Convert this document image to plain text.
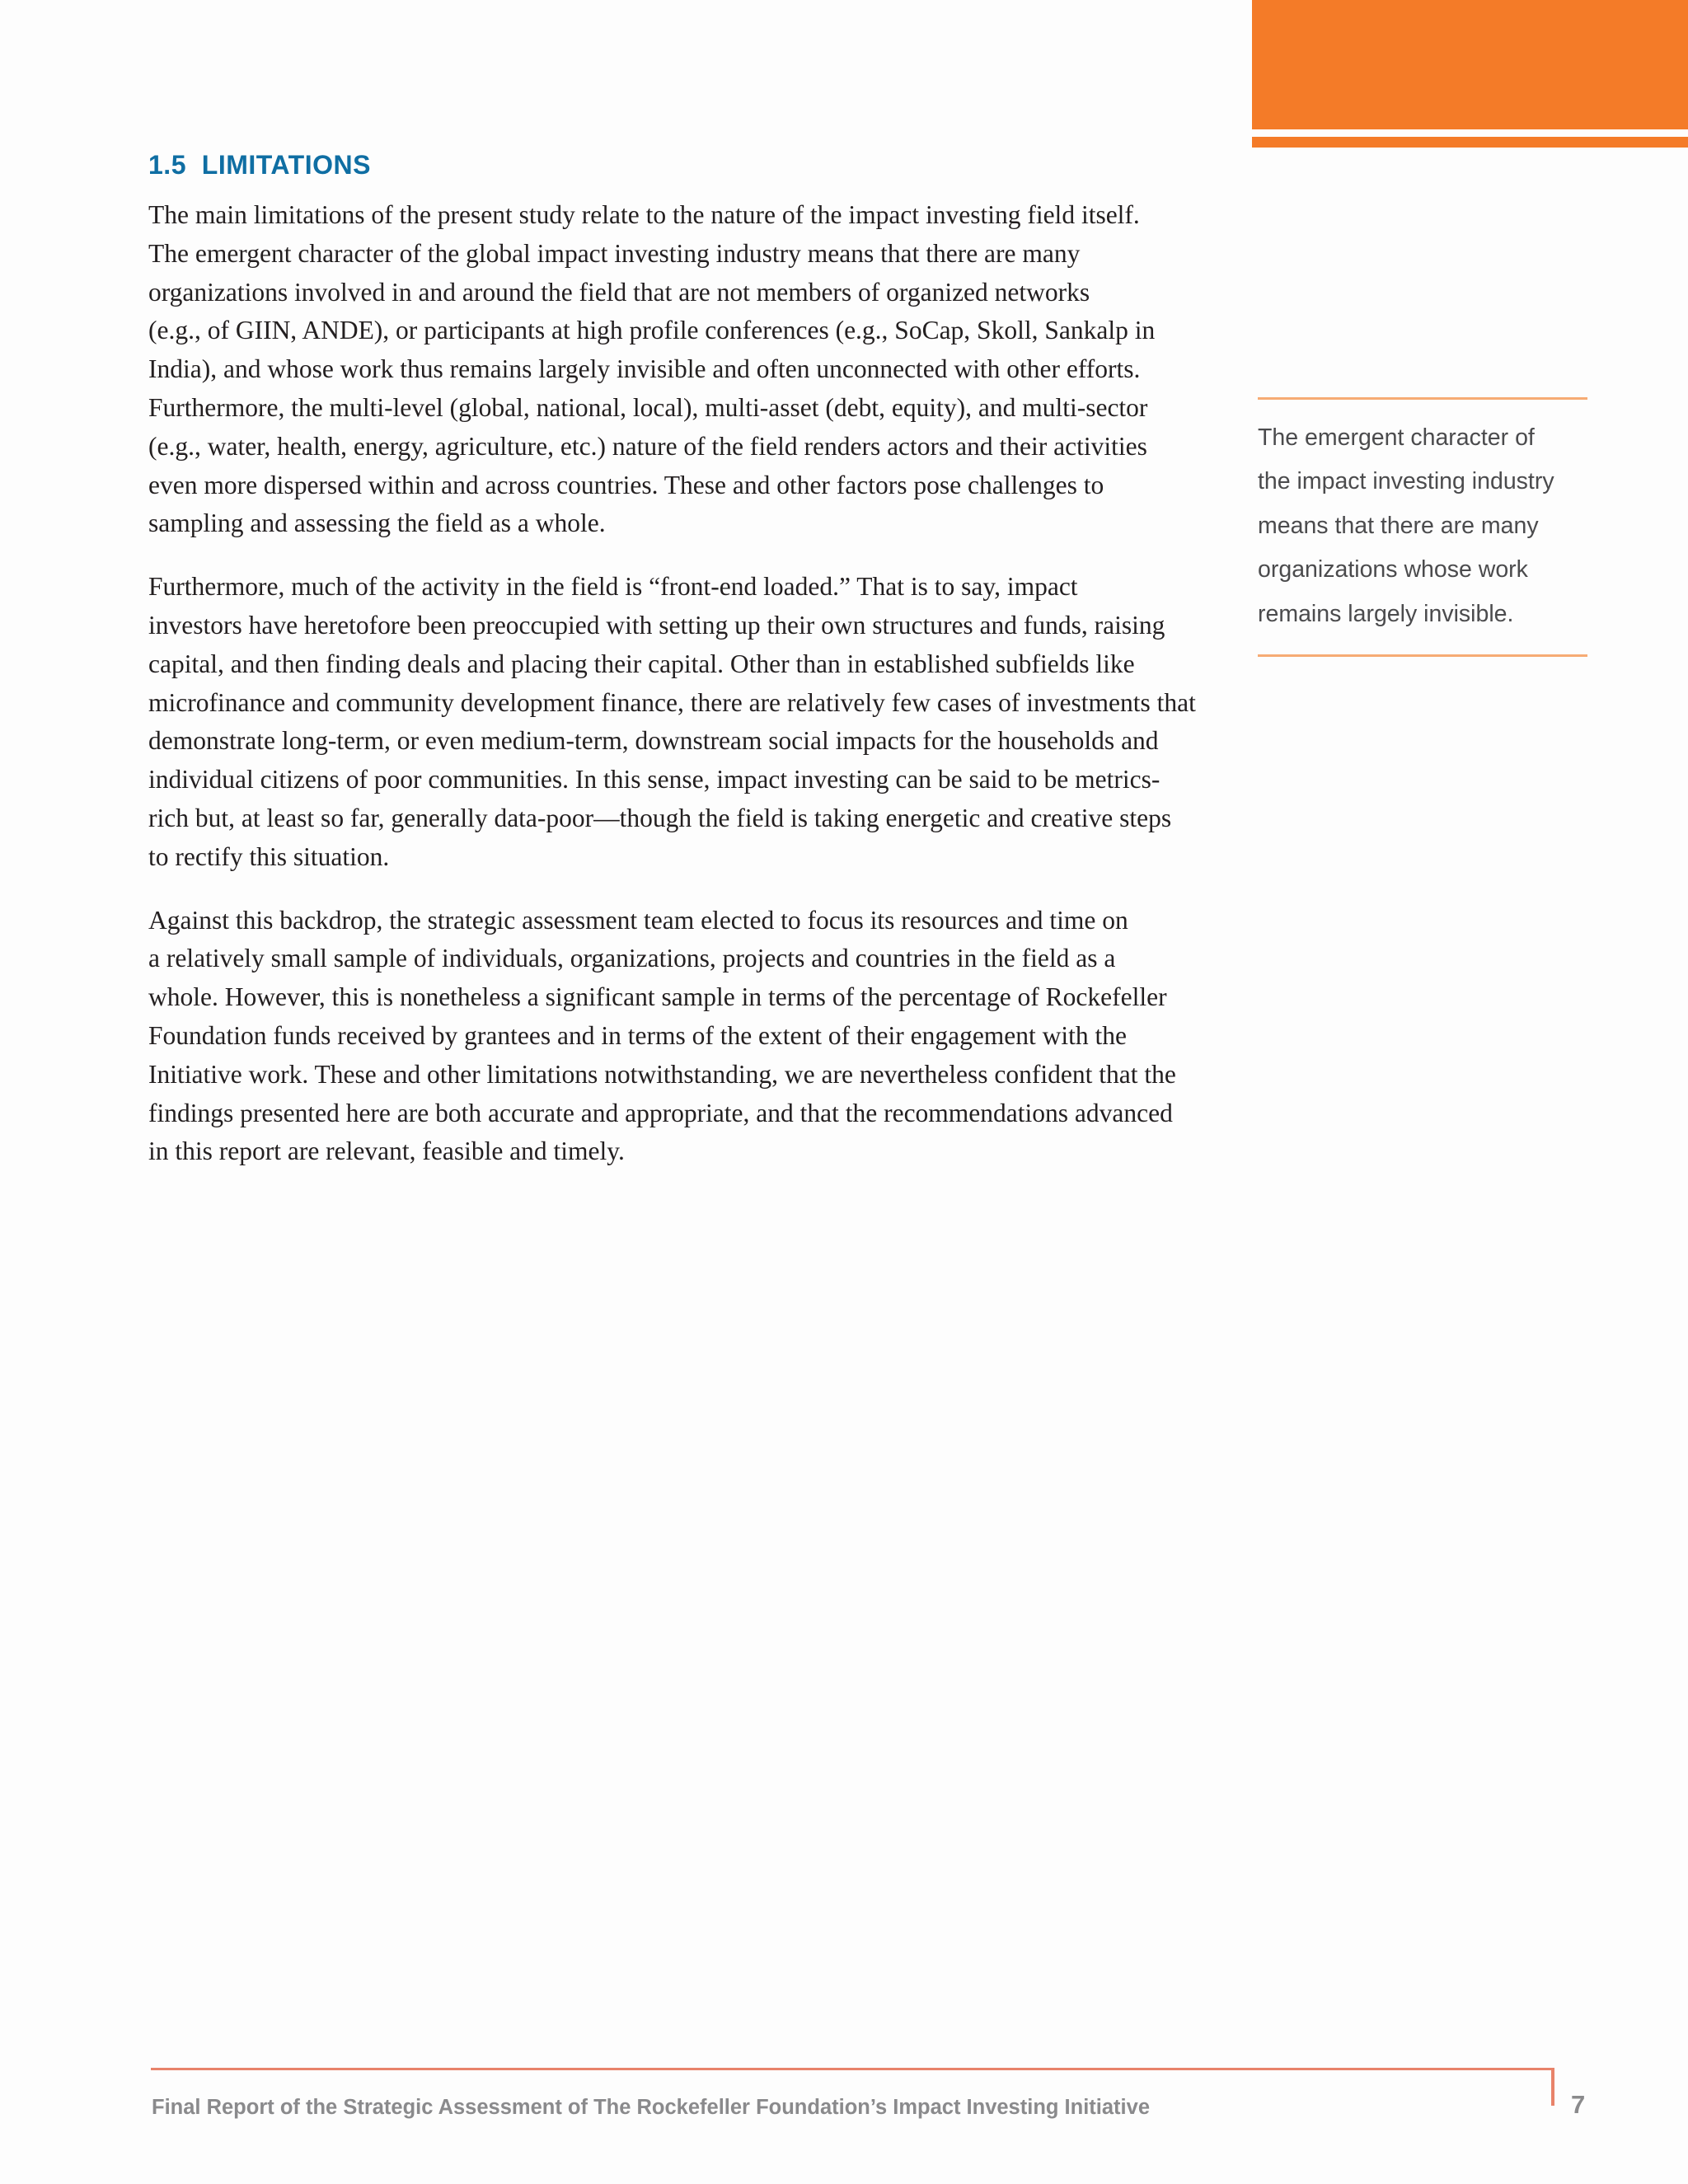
1.5 LIMITATIONS

The main limitations of the present study relate to the nature of the impact investing field itself.
The emergent character of the global impact investing industry means that there are many
organizations involved in and around the field that are not members of organized networks
(e.g., of GIIN, ANDE), or participants at high profile conferences (e.g., SoCap, Skoll, Sankalp in
India), and whose work thus remains largely invisible and often unconnected with other efforts.
Furthermore, the multi-level (global, national, local), multi-asset (debt, equity), and multi-sector
(e.g., water, health, energy, agriculture, etc.) nature of the field renders actors and their activities
even more dispersed within and across countries. These and other factors pose challenges to
sampling and assessing the field as a whole.

Furthermore, much of the activity in the field is “front-end loaded.” That is to say, impact
investors have heretofore been preoccupied with setting up their own structures and funds, raising
capital, and then finding deals and placing their capital. Other than in established subfields like
microfinance and community development finance, there are relatively few cases of investments that
demonstrate long-term, or even medium-term, downstream social impacts for the households and
individual citizens of poor communities. In this sense, impact investing can be said to be metrics-
rich but, at least so far, generally data-poor—though the field is taking energetic and creative steps
to rectify this situation.

Against this backdrop, the strategic assessment team elected to focus its resources and time on
a relatively small sample of individuals, organizations, projects and countries in the field as a
whole. However, this is nonetheless a significant sample in terms of the percentage of Rockefeller
Foundation funds received by grantees and in terms of the extent of their engagement with the
Initiative work. These and other limitations notwithstanding, we are nevertheless confident that the
findings presented here are both accurate and appropriate, and that the recommendations advanced
in this report are relevant, feasible and timely.

The emergent character of
the impact investing industry
means that there are many
organizations whose work
remains largely invisible.

Final Report of the Strategic Assessment of The Rockefeller Foundation’s Impact Investing Initiative	7
